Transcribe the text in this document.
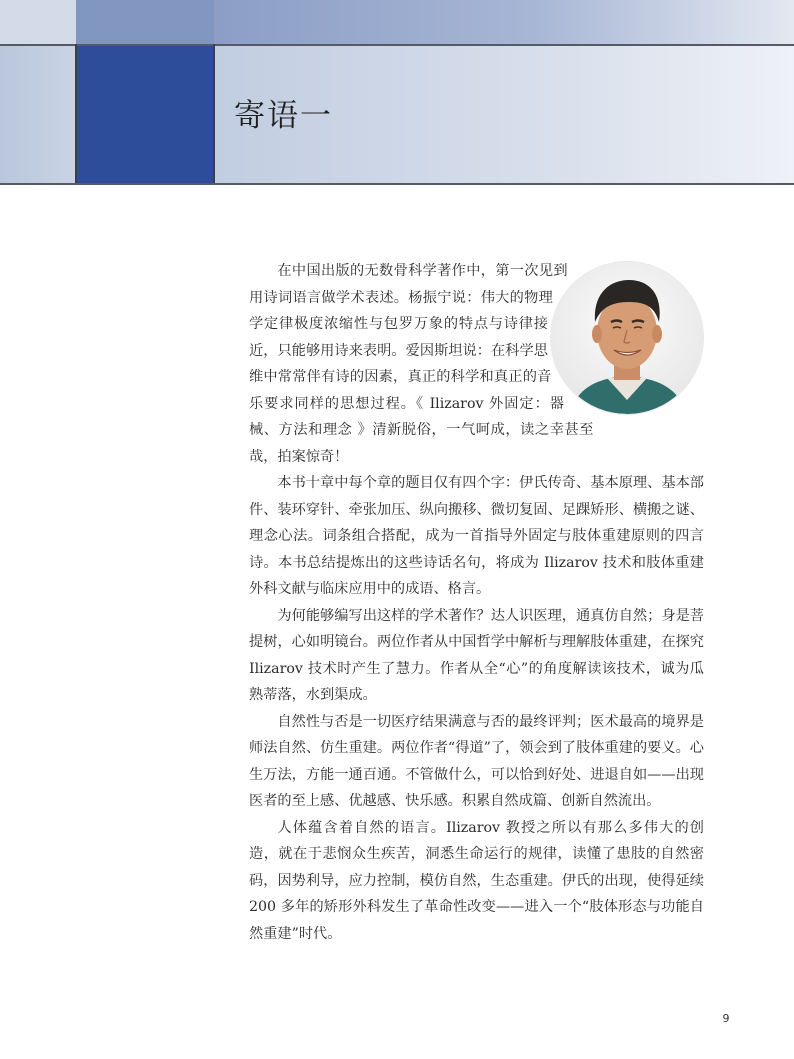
寄语一

在中国出版的无数骨科学著作中，第一次见到用诗词语言做学术表述。杨振宁说：伟大的物理学定律极度浓缩性与包罗万象的特点与诗律接近，只能够用诗来表明。爱因斯坦说：在科学思维中常常伴有诗的因素，真正的科学和真正的音乐要求同样的思想过程。《 Ilizarov 外固定：器械、方法和理念 》清新脱俗，一气呵成，读之幸甚至哉，拍案惊奇！

本书十章中每个章的题目仅有四个字：伊氏传奇、基本原理、基本部件、装环穿针、牵张加压、纵向搬移、微切复固、足踝矫形、横搬之谜、理念心法。词条组合搭配，成为一首指导外固定与肢体重建原则的四言诗。本书总结提炼出的这些诗话名句，将成为 Ilizarov 技术和肢体重建外科文献与临床应用中的成语、格言。

为何能够编写出这样的学术著作？达人识医理，通真仿自然；身是菩提树，心如明镜台。两位作者从中国哲学中解析与理解肢体重建，在探究 Ilizarov 技术时产生了慧力。作者从全“心”的角度解读该技术，诚为瓜熟蒂落，水到渠成。

自然性与否是一切医疗结果满意与否的最终评判；医术最高的境界是师法自然、仿生重建。两位作者“得道”了，领会到了肢体重建的要义。心生万法，方能一通百通。不管做什么，可以恰到好处、进退自如——出现医者的至上感、优越感、快乐感。积累自然成篇、创新自然流出。

人体蕴含着自然的语言。Ilizarov 教授之所以有那么多伟大的创造，就在于悲悯众生疾苦，洞悉生命运行的规律，读懂了患肢的自然密码，因势利导，应力控制，模仿自然，生态重建。伊氏的出现，使得延续 200 多年的矫形外科发生了革命性改变——进入一个“肢体形态与功能自然重建”时代。

9
